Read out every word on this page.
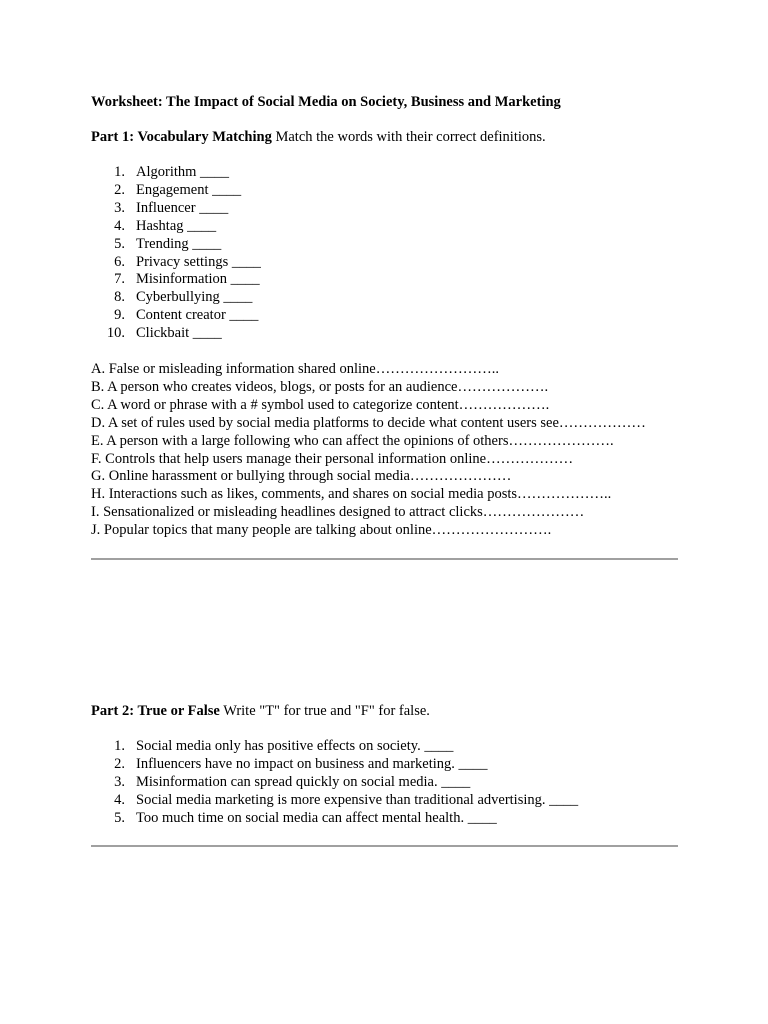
Worksheet: The Impact of Social Media on Society, Business and Marketing
Part 1: Vocabulary Matching Match the words with their correct definitions.
1. Algorithm ____
2. Engagement ____
3. Influencer ____
4. Hashtag ____
5. Trending ____
6. Privacy settings ____
7. Misinformation ____
8. Cyberbullying ____
9. Content creator ____
10. Clickbait ____
A. False or misleading information shared online……………………..
B. A person who creates videos, blogs, or posts for an audience……………….
C. A word or phrase with a # symbol used to categorize content……………….
D. A set of rules used by social media platforms to decide what content users see………………
E. A person with a large following who can affect the opinions of others………………….
F. Controls that help users manage their personal information online………………
G. Online harassment or bullying through social media…………………
H. Interactions such as likes, comments, and shares on social media posts………………..
I. Sensationalized or misleading headlines designed to attract clicks…………………
J. Popular topics that many people are talking about online…………………….
Part 2: True or False Write "T" for true and "F" for false.
1. Social media only has positive effects on society. ____
2. Influencers have no impact on business and marketing. ____
3. Misinformation can spread quickly on social media. ____
4. Social media marketing is more expensive than traditional advertising. ____
5. Too much time on social media can affect mental health. ____
